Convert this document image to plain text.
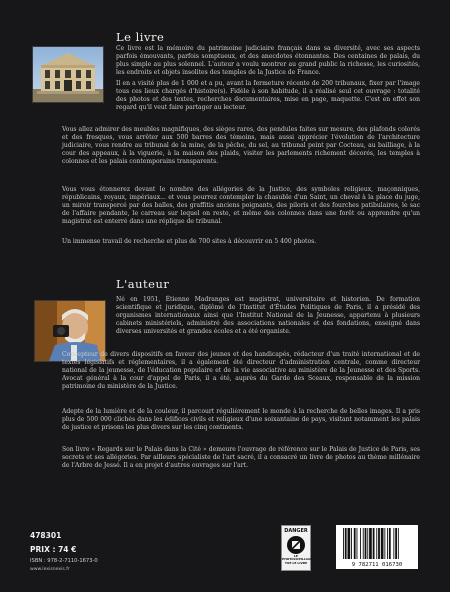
Le livre

Ce livre est la mémoire du patrimoine judiciaire français dans sa diversité, avec ses aspects parfois émouvants, parfois somptueux, et des anecdotes étonnantes. Des centaines de palais, du plus simple au plus solennel. L'auteur a voulu montrer au grand public la richesse, les curiosités, les endroits et objets insolites des temples de la Justice de France.

Il en a visité plus de 1 000 et a pu, avant la fermeture récente de 200 tribunaux, fixer par l'image tous ces lieux chargés d'histoire(s). Fidèle à son habitude, il a réalisé seul cet ouvrage : totalité des photos et des textes, recherches documentaires, mise en page, maquette. C'est en effet son regard qu'il veut faire partager au lecteur.

Vous allez admirer des meubles magnifiques, des sièges rares, des pendules faites sur mesure, des plafonds colorés et des fresques, vous arrêter aux 500 barres des témoins, mais aussi apprécier l'évolution de l'architecture judiciaire, vous rendre au tribunal de la mine, de la pêche, du sel, au tribunal peint par Cocteau, au bailliage, à la cour des appeaux, à la viguerie, à la maison des plaids, visiter les parlements richement décorés, les temples à colonnes et les palais contemporains transparents.

Vous vous étonnerez devant le nombre des allégories de la Justice, des symboles religieux, maçonniques, républicains, royaux, impériaux... et vous pourrez contempler la chasuble d'un Saint, un cheval à la place du juge, un miroir transpercé par des balles, des graffitis anciens poignants, des piloris et des fourches patibulaires, le sac de l'affaire pendante, le carreau sur lequel on reste, et même des colonnes dans une forêt ou apprendre qu'un magistrat est enterré dans une réplique de tribunal.

Un immense travail de recherche et plus de 700 sites à découvrir en 5 400 photos.

L'auteur

Né en 1951, Étienne Madranges est magistrat, universitaire et historien. De formation scientifique et juridique, diplômé de l'Institut d'Études Politiques de Paris, il a présidé des organismes internationaux ainsi que l'Institut National de la Jeunesse, appartenu à plusieurs cabinets ministériels, administré des associations nationales et des fondations, enseigné dans diverses universités et grandes écoles et a été organiste.

Concepteur de divers dispositifs en faveur des jeunes et des handicapés, rédacteur d'un traité international et de textes législatifs et réglementaires, il a également été directeur d'administration centrale, comme directeur national de la jeunesse, de l'éducation populaire et de la vie associative au ministère de la Jeunesse et des Sports. Avocat général à la cour d'appel de Paris, il a été, auprès du Garde des Sceaux, responsable de la mission patrimoine du ministère de la Justice.

Adepte de la lumière et de la couleur, il parcourt régulièrement le monde à la recherche de belles images. Il a pris plus de 500 000 clichés dans les édifices civils et religieux d'une soixantaine de pays, visitant notamment les palais de justice et prisons les plus divers sur les cinq continents.

Son livre « Regards sur le Palais dans la Cité » demeure l'ouvrage de référence sur le Palais de Justice de Paris, ses secrets et ses allégories. Par ailleurs spécialiste de l'art sacré, il a consacré un livre de photos au thème millénaire de l'Arbre de Jessé. Il a en projet d'autres ouvrages sur l'art.

478301
PRIX : 74 €
ISBN : 978-2-7110-1673-0
www.lexisnexis.fr
DANGER
LE PHOTOCOPILLAGE TUE LE LIVRE	9 782711 016730
